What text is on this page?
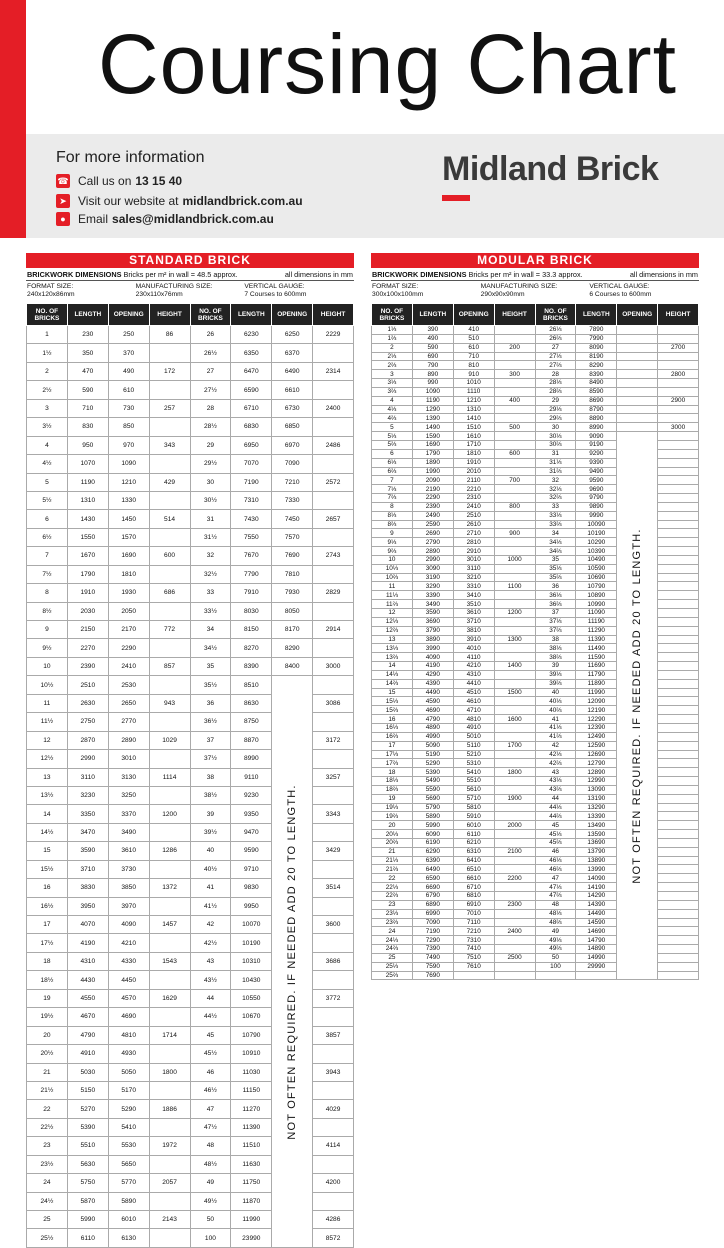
Coursing Chart
For more information
☎ Call us on 13 15 40
➤ Visit our website at midlandbrick.com.au
●	Email sales@midlandbrick.com.au
Midland Brick
STANDARD BRICK
BRICKWORK DIMENSIONS Bricks per m² in wall = 48.5 approx.	all dimensions in mm
FORMAT SIZE:
240x120x86mm
MANUFACTURING SIZE:
230x110x76mm
VERTICAL GAUGE:
7 Courses to 600mm
NO. OF BRICKS	LENGTH	OPENING	HEIGHT	NO. OF BRICKS	LENGTH	OPENING	HEIGHT
1	230	250	86	26	6230	6250	2229
1½	350	370		26½	6350	6370	
2	470	490	172	27	6470	6490	2314
2½	590	610		27½	6590	6610	
3	710	730	257	28	6710	6730	2400
3½	830	850		28½	6830	6850	
4	950	970	343	29	6950	6970	2486
4½	1070	1090		29½	7070	7090	
5	1190	1210	429	30	7190	7210	2572
5½	1310	1330		30½	7310	7330	
6	1430	1450	514	31	7430	7450	2657
6½	1550	1570		31½	7550	7570	
7	1670	1690	600	32	7670	7690	2743
7½	1790	1810		32½	7790	7810	
8	1910	1930	686	33	7910	7930	2829
8½	2030	2050		33½	8030	8050	
9	2150	2170	772	34	8150	8170	2914
9½	2270	2290		34½	8270	8290	
10	2390	2410	857	35	8390	8400	3000
10½	2510	2530		35½	8510	NOT OFTEN REQUIRED. IF NEEDED ADD 20 TO LENGTH.	

11	2630	2650	943	36	8630		3086
11½	2750	2770		36½	8750		
12	2870	2890	1029	37	8870		3172
12½	2990	3010		37½	8990		
13	3110	3130	1114	38	9110		3257
13½	3230	3250		38½	9230		
14	3350	3370	1200	39	9350		3343
14½	3470	3490		39½	9470		
15	3590	3610	1286	40	9590		3429
15½	3710	3730		40½	9710		
16	3830	3850	1372	41	9830		3514
16½	3950	3970		41½	9950		
17	4070	4090	1457	42	10070		3600
17½	4190	4210		42½	10190		
18	4310	4330	1543	43	10310		3686
18½	4430	4450		43½	10430		
19	4550	4570	1629	44	10550		3772
19½	4670	4690		44½	10670		
20	4790	4810	1714	45	10790		3857
20½	4910	4930		45½	10910		
21	5030	5050	1800	46	11030		3943
21½	5150	5170		46½	11150		
22	5270	5290	1886	47	11270		4029
22½	5390	5410		47½	11390		
23	5510	5530	1972	48	11510		4114
23½	5630	5650		48½	11630		
24	5750	5770	2057	49	11750		4200
24½	5870	5890		49½	11870		
25	5990	6010	2143	50	11990		4286
25½	6110	6130		100	23990		8572
MODULAR BRICK
BRICKWORK DIMENSIONS Bricks per m² in wall = 33.3 approx.	all dimensions in mm
FORMAT SIZE:
300x100x100mm
MANUFACTURING SIZE:
290x90x90mm
VERTICAL GAUGE:
6 Courses to 600mm
NO. OF BRICKS	LENGTH	OPENING	HEIGHT	NO. OF BRICKS	LENGTH	OPENING	HEIGHT
1⅓	390	410		26⅓	7890		
1⅔	490	510		26⅔	7990		
2	590	610	200	27	8090		2700
2⅓	690	710		27⅓	8190		
2⅔	790	810		27⅔	8290		
3	890	910	300	28	8390		2800
3⅓	990	1010		28⅓	8490		
3⅔	1090	1110		28⅔	8590		
4	1190	1210	400	29	8690		2900
4⅓	1290	1310		29⅓	8790		
4⅔	1390	1410		29⅔	8890		
5	1490	1510	500	30	8990		3000
5⅓	1590	1610		30⅓	9090	NOT OFTEN REQUIRED. IF NEEDED ADD 20 TO LENGTH.	

5⅔	1690	1710		30⅔	9190		
6	1790	1810	600	31	9290		
6⅓	1890	1910		31⅓	9390		
6⅔	1990	2010		31⅔	9490		
7	2090	2110	700	32	9590		
7⅓	2190	2210		32⅓	9690		
7⅔	2290	2310		32⅔	9790		
8	2390	2410	800	33	9890		
8⅓	2490	2510		33⅓	9990		
8⅔	2590	2610		33⅔	10090		
9	2690	2710	900	34	10190		
9⅓	2790	2810		34⅓	10290		
9⅔	2890	2910		34⅔	10390		
10	2990	3010	1000	35	10490		
10⅓	3090	3110		35⅓	10590		
10⅔	3190	3210		35⅔	10690		
11	3290	3310	1100	36	10790		
11⅓	3390	3410		36⅓	10890		
11⅔	3490	3510		36⅔	10990		
12	3590	3610	1200	37	11090		
12⅓	3690	3710		37⅓	11190		
12⅔	3790	3810		37⅔	11290		
13	3890	3910	1300	38	11390		
13⅓	3990	4010		38⅓	11490		
13⅔	4090	4110		38⅔	11590		
14	4190	4210	1400	39	11690		
14⅓	4290	4310		39⅓	11790		
14⅔	4390	4410		39⅔	11890		
15	4490	4510	1500	40	11990		
15⅓	4590	4610		40⅓	12090		
15⅔	4690	4710		40⅔	12190		
16	4790	4810	1600	41	12290		
16⅓	4890	4910		41⅓	12390		
16⅔	4990	5010		41⅔	12490		
17	5090	5110	1700	42	12590		
17⅓	5190	5210		42⅓	12690		
17⅔	5290	5310		42⅔	12790		
18	5390	5410	1800	43	12890		
18⅓	5490	5510		43⅓	12990		
18⅔	5590	5610		43⅔	13090		
19	5690	5710	1900	44	13190		
19⅓	5790	5810		44⅓	13290		
19⅔	5890	5910		44⅔	13390		
20	5990	6010	2000	45	13490		
20⅓	6090	6110		45⅓	13590		
20⅔	6190	6210		45⅔	13690		
21	6290	6310	2100	46	13790		
21⅓	6390	6410		46⅓	13890		
21⅔	6490	6510		46⅔	13990		
22	6590	6610	2200	47	14090		
22⅓	6690	6710		47⅓	14190		
22⅔	6790	6810		47⅔	14290		
23	6890	6910	2300	48	14390		
23⅓	6990	7010		48⅓	14490		
23⅔	7090	7110		48⅔	14590		
24	7190	7210	2400	49	14690		
24⅓	7290	7310		49⅓	14790		
24⅔	7390	7410		49⅔	14890		
25	7490	7510	2500	50	14990		
25⅓	7590	7610		100	29990		
25⅔	7690						
